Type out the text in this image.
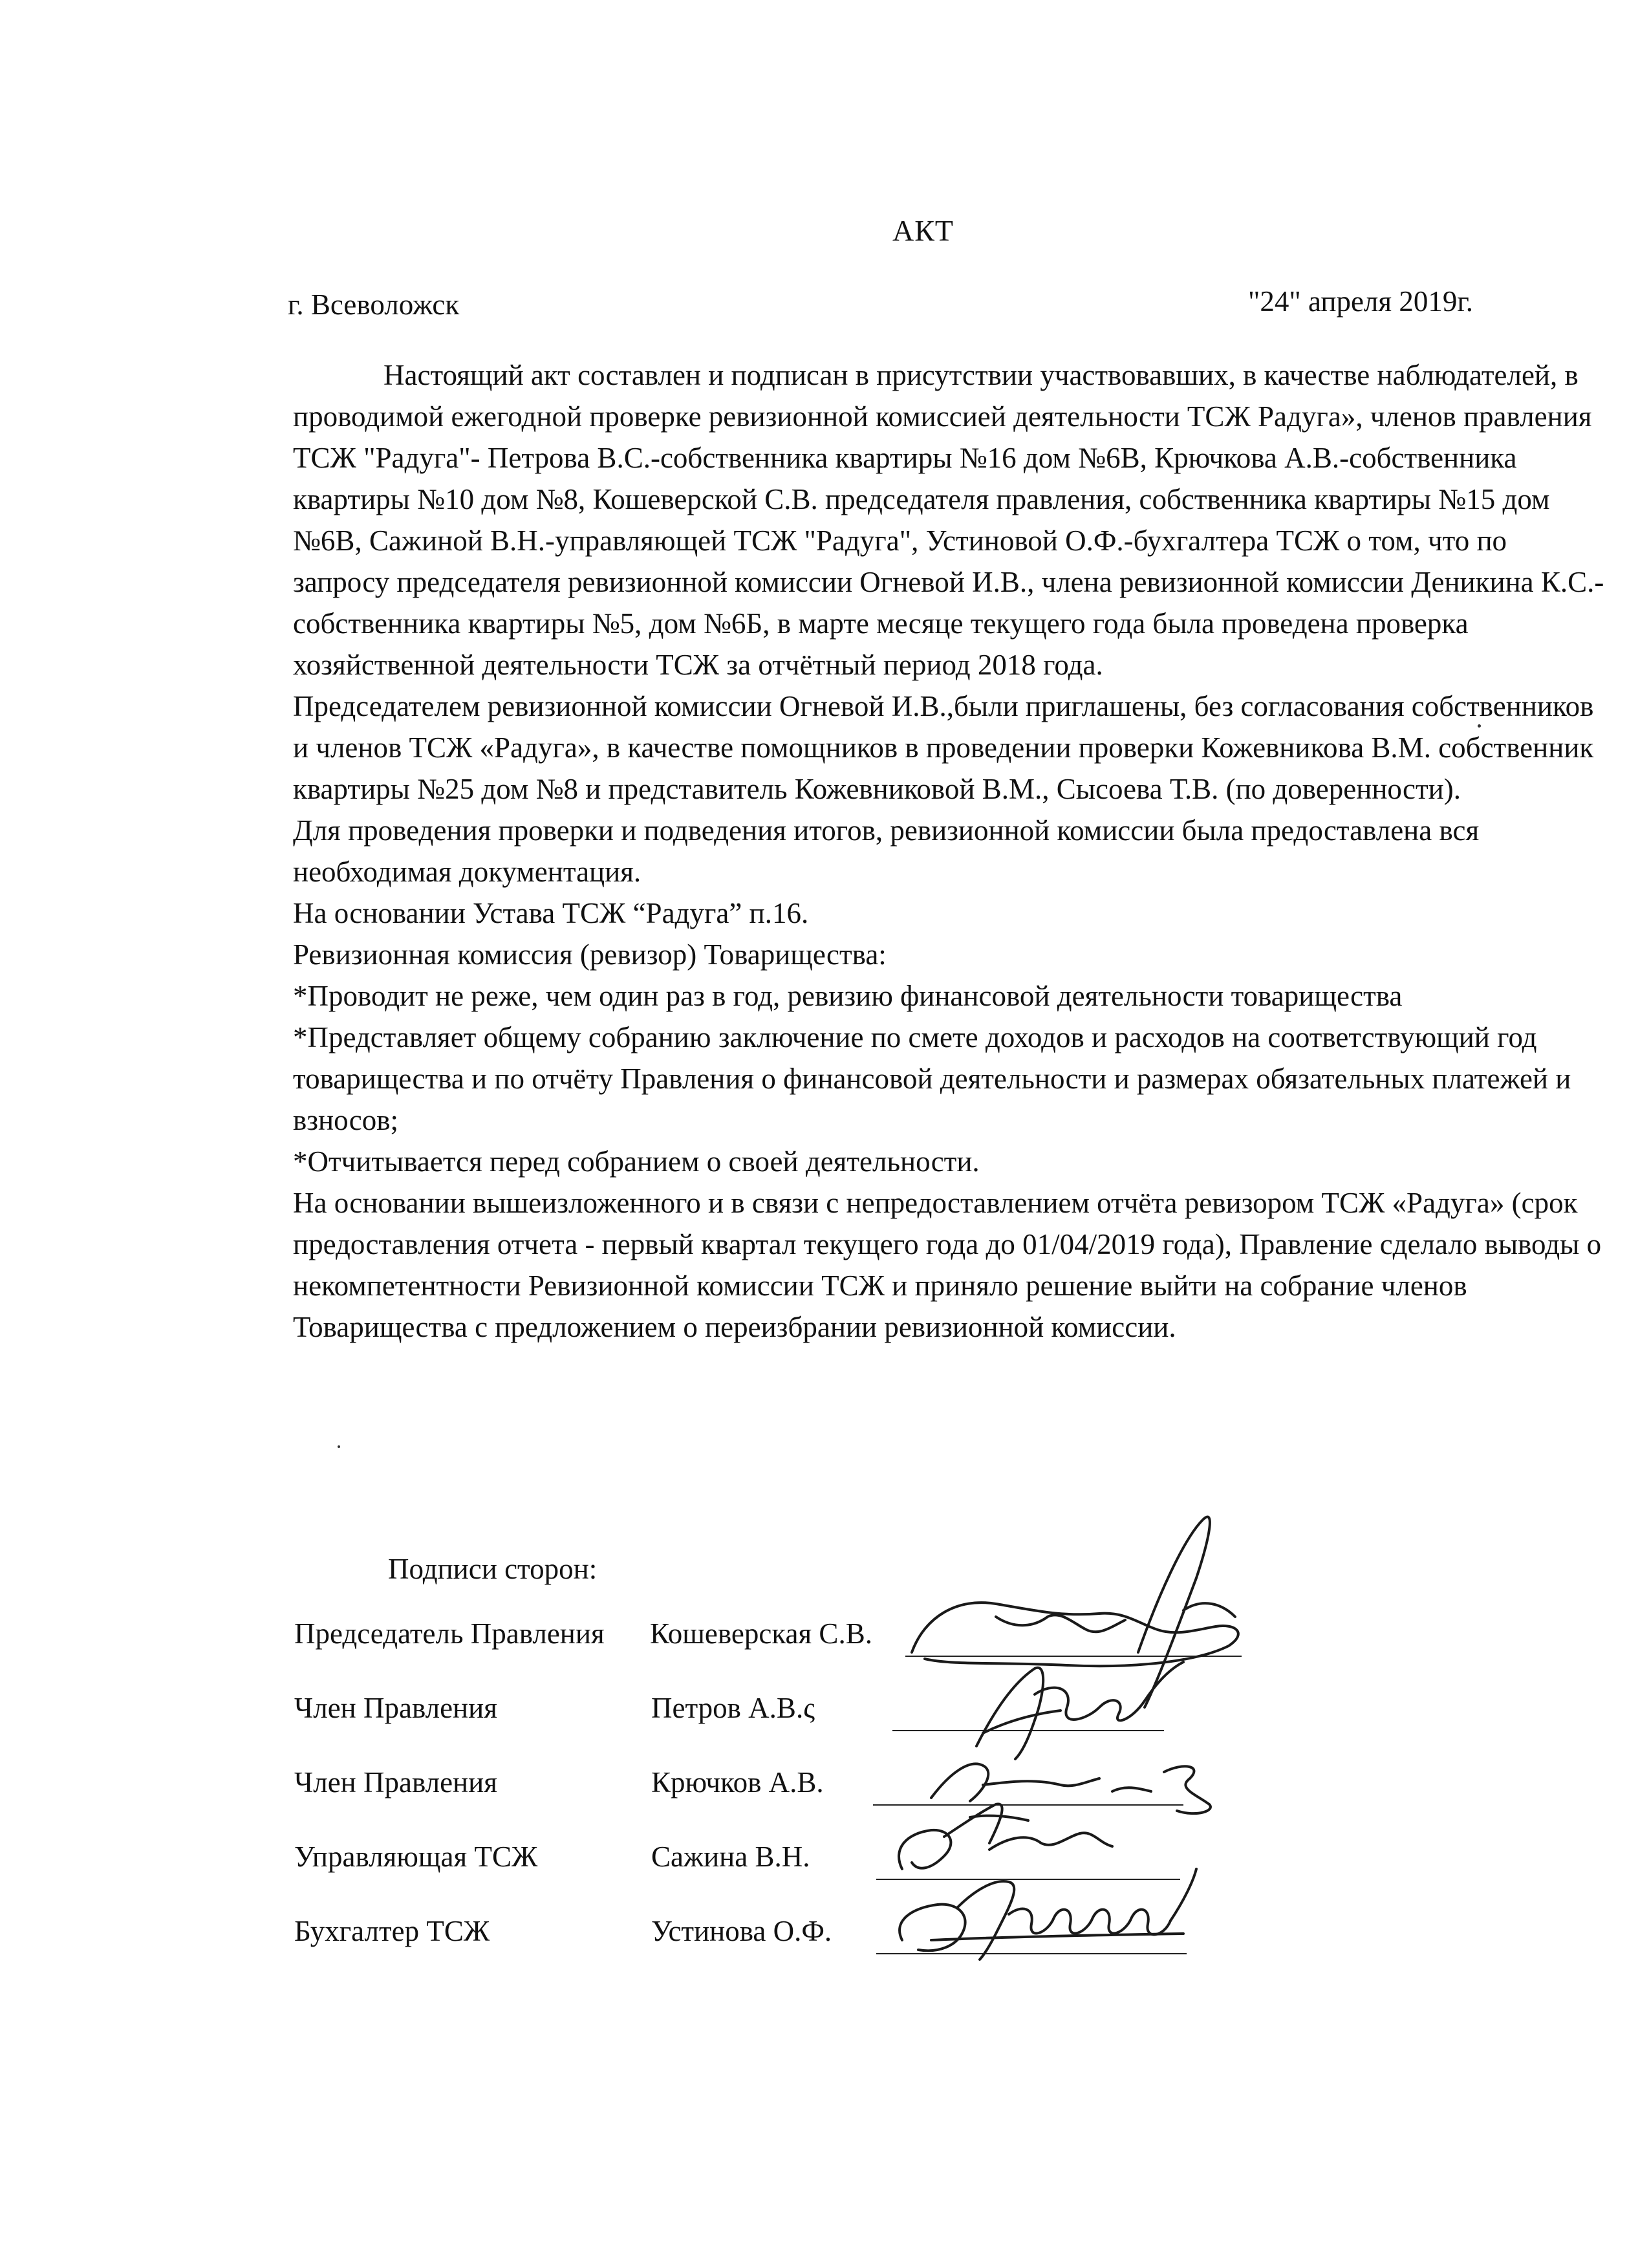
АКТ
г. Всеволожск	"24" апреля 2019г.

Настоящий акт составлен и подписан в присутствии участвовавших, в качестве наблюдателей, в проводимой ежегодной проверке ревизионной комиссией деятельности ТСЖ Радуга», членов правления ТСЖ "Радуга"- Петрова В.С.-собственника квартиры №16 дом №6В, Крючкова А.В.-собственника квартиры №10 дом №8, Кошеверской С.В. председателя правления, собственника квартиры №15 дом №6В, Сажиной В.Н.-управляющей ТСЖ "Радуга", Устиновой О.Ф.-бухгалтера ТСЖ о том, что по запросу председателя ревизионной комиссии Огневой И.В., члена ревизионной комиссии Деникина К.С.- собственника квартиры №5, дом №6Б, в марте месяце текущего года была проведена проверка хозяйственной деятельности ТСЖ за отчётный период 2018 года.

Председателем ревизионной комиссии Огневой И.В.,были приглашены, без согласования собственников и членов ТСЖ «Радуга», в качестве помощников в проведении проверки Кожевникова В.М. собственник квартиры №25 дом №8 и представитель Кожевниковой В.М., Сысоева Т.В. (по доверенности).

Для проведения проверки и подведения итогов, ревизионной комиссии была предоставлена вся необходимая документация.

На основании Устава ТСЖ “Радуга” п.16.

Ревизионная комиссия (ревизор) Товарищества:

*Проводит не реже, чем один раз в год, ревизию финансовой деятельности товарищества

*Представляет общему собранию заключение по смете доходов и расходов на соответствующий год товарищества и по отчёту Правления о финансовой деятельности и размерах обязательных платежей и взносов;

*Отчитывается перед собранием о своей деятельности.

На основании вышеизложенного и в связи с непредоставлением отчёта ревизором ТСЖ «Радуга» (срок предоставления отчета - первый квартал текущего года до 01/04/2019 года), Правление сделало выводы о некомпетентности Ревизионной комиссии ТСЖ и приняло решение выйти на собрание членов Товарищества с предложением о переизбрании ревизионной комиссии.

Подписи сторон:
Председатель Правления Кошеверская С.В.
Член Правления	Петров А.В.ς
Член Правления	Крючков А.В.
Управляющая ТСЖ	Сажина В.Н.
Бухгалтер ТСЖ	Устинова О.Ф.
